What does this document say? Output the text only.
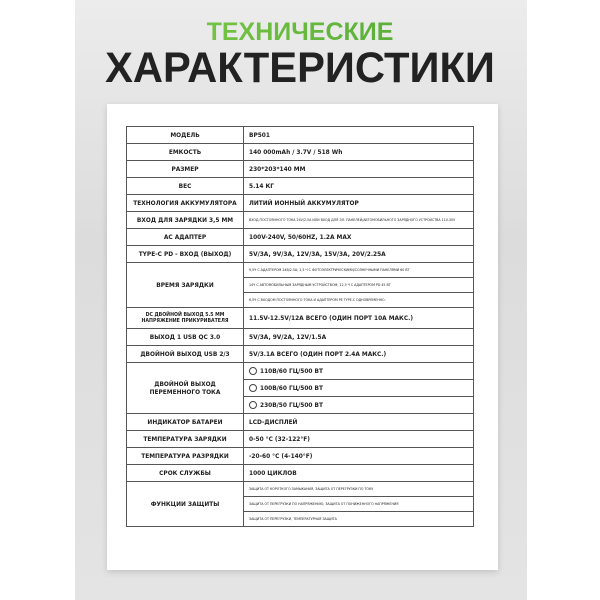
ТЕХНИЧЕСКИЕ
ХАРАКТЕРИСТИКИ
МОДЕЛЬ	BP501
ЕМКОСТЬ	140 000mAh / 3.7V / 518 Wh
РАЗМЕР	230*203*140 ММ
ВЕС	5.14 КГ
ТЕХНОЛОГИЯ АККУМУЛЯТОРА	ЛИТИЙ ИОННЫЙ АККУМУЛЯТОР
ВХОД ДЛЯ ЗАРЯДКИ 3,5 ММ	ВХОД ПОСТОЯННОГО ТОКА 24V/2.5A ИЛИ ВХОД ДЛЯ ЭЛ. ПАНЕЛЕЙ/АВТОМОБИЛЬНОГО ЗАРЯДНОГО УСТРОЙСТВА 11V-30V
AC АДАПТЕР	100V-240V, 50/60HZ, 1.2A MAX
TYPE-C PD - ВХОД (ВЫХОД)	5V/3A, 9V/3A, 12V/3A, 15V/3A, 20V/2.25A
ВРЕМЯ ЗАРЯДКИ	9,5Ч С АДАПТЕРОМ 24В/2.5А; 1,5 Ч С ФОТОЭЛЕКТРИЧЕСКИМИ/СОЛНЕЧНЫМИ ПАНЕЛЯМИ 60 ВТ
	14Ч С АВТОМОБИЛЬНЫМ ЗАРЯДНЫМ УСТРОЙСТВОМ; 12,5 Ч С АДАПТЕРОМ PD 45 ВТ
	6,5Ч С ВХОДОМ ПОСТОЯННОГО ТОКА И АДАПТЕРОМ PE TYPE-C ОДНОВРЕМЕННО.
DC ДВОЙНОЙ ВЫХОД 5.5 ММ НАПРЯЖЕНИЕ ПРИКУРИВАТЕЛЯ	11.5V-12.5V/12A ВСЕГО (ОДИН ПОРТ 10A МАКС.)
ВЫХОД 1 USB QC 3.0	5V/3A, 9V/2A, 12V/1.5A
ДВОЙНОЙ ВЫХОД USB 2/3	5V/3.1A ВСЕГО (ОДИН ПОРТ 2.4A МАКС.)
ДВОЙНОЙ ВЫХОД ПЕРЕМЕННОГО ТОКА	110В/60 ГЦ/500 ВТ
	100В/60 ГЦ/500 ВТ
	230В/50 ГЦ/500 ВТ
ИНДИКАТОР БАТАРЕИ	LCD-ДИСПЛЕЙ
ТЕМПЕРАТУРА ЗАРЯДКИ	0-50 °C (32-122°F)
ТЕМПЕРАТУРА РАЗРЯДКИ	-20-60 °C (4-140°F)
СРОК СЛУЖБЫ	1000 ЦИКЛОВ
ФУНКЦИИ ЗАЩИТЫ	ЗАЩИТА ОТ КОРОТКОГО ЗАМЫКАНИЯ, ЗАЩИТА ОТ ПЕРЕГРУЗКИ ПО ТОКУ
	ЗАЩИТА ОТ ПЕРЕГРУЗКИ ПО НАПРЯЖЕНИЮ, ЗАЩИТА ОТ ПОНИЖЕННОГО НАПРЯЖЕНИЯ
	ЗАЩИТА ОТ ПЕРЕГРУЗКИ, ТЕМПЕРАТУРНАЯ ЗАЩИТА
